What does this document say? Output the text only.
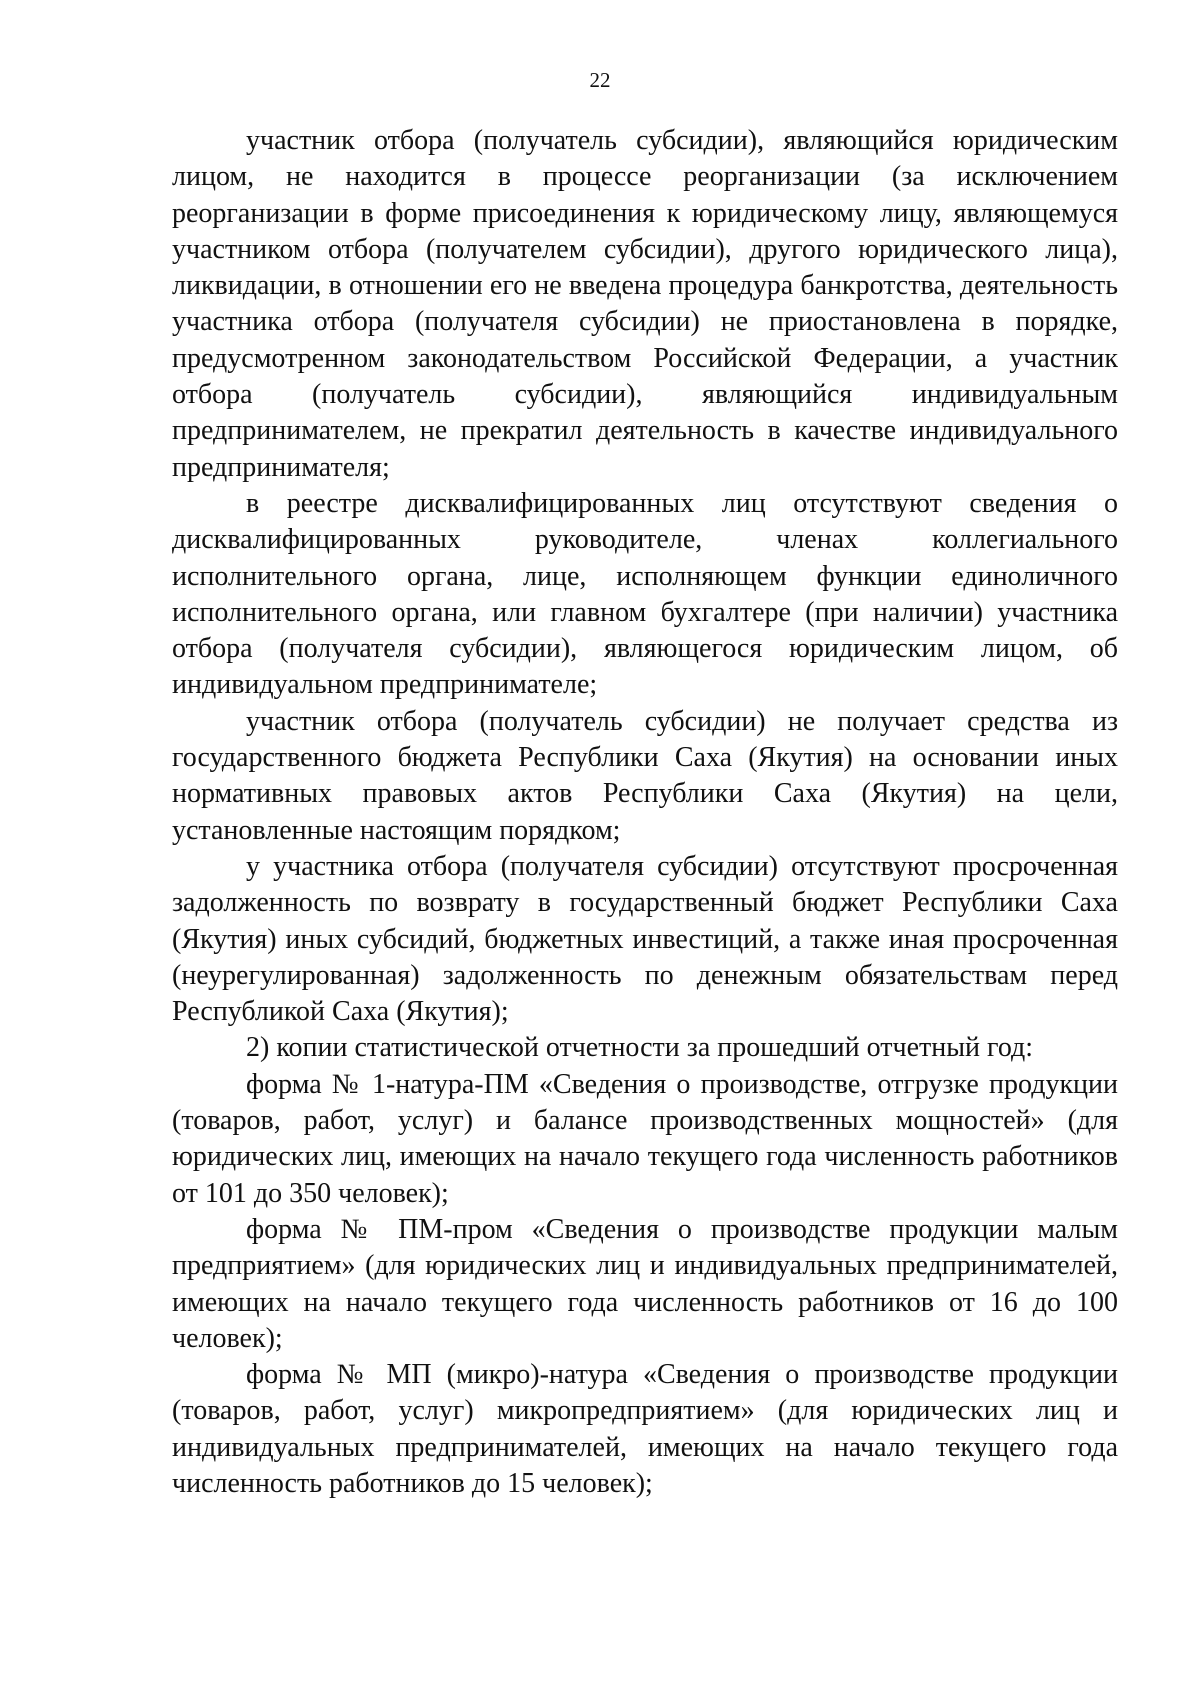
22

участник отбора (получатель субсидии), являющийся юридическим лицом, не находится в процессе реорганизации (за исключением реорганизации в форме присоединения к юридическому лицу, являющемуся участником отбора (получателем субсидии), другого юридического лица), ликвидации, в отношении его не введена процедура банкротства, деятельность участника отбора (получателя субсидии) не приостановлена в порядке, предусмотренном законодательством Российской Федерации, а участник отбора (получатель субсидии), являющийся индивидуальным предпринимателем, не прекратил деятельность в качестве индивидуального предпринимателя;

в реестре дисквалифицированных лиц отсутствуют сведения о дисквалифицированных руководителе, членах коллегиального исполнительного органа, лице, исполняющем функции единоличного исполнительного органа, или главном бухгалтере (при наличии) участника отбора (получателя субсидии), являющегося юридическим лицом, об индивидуальном предпринимателе;

участник отбора (получатель субсидии) не получает средства из государственного бюджета Республики Саха (Якутия) на основании иных нормативных правовых актов Республики Саха (Якутия) на цели, установленные настоящим порядком;

у участника отбора (получателя субсидии) отсутствуют просроченная задолженность по возврату в государственный бюджет Республики Саха (Якутия) иных субсидий, бюджетных инвестиций, а также иная просроченная (неурегулированная) задолженность по денежным обязательствам перед Республикой Саха (Якутия);

2) копии статистической отчетности за прошедший отчетный год:

форма № 1-натура-ПМ «Сведения о производстве, отгрузке продукции (товаров, работ, услуг) и балансе производственных мощностей» (для юридических лиц, имеющих на начало текущего года численность работников от 101 до 350 человек);

форма № ПМ-пром «Сведения о производстве продукции малым предприятием» (для юридических лиц и индивидуальных предпринимателей, имеющих на начало текущего года численность работников от 16 до 100 человек);

форма № МП (микро)-натура «Сведения о производстве продукции (товаров, работ, услуг) микропредприятием» (для юридических лиц и индивидуальных предпринимателей, имеющих на начало текущего года численность работников до 15 человек);
